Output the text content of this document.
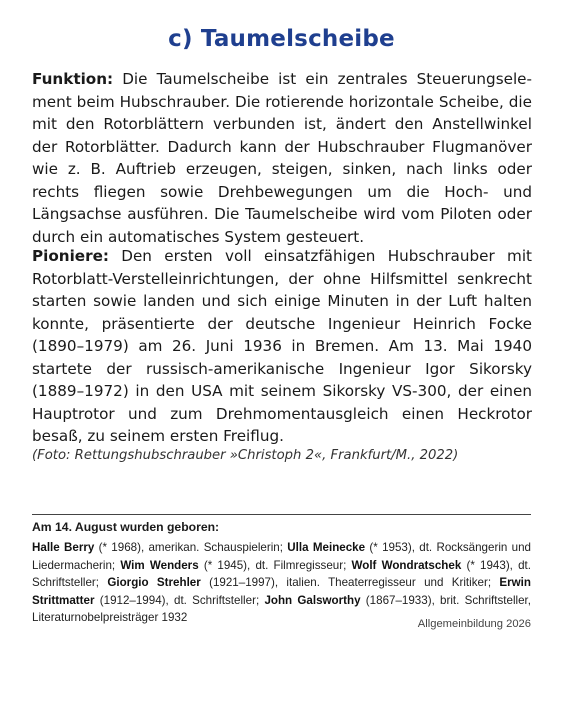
c) Taumelscheibe

Funktion: Die Taumelscheibe ist ein zentrales Steuerungselement beim Hubschrauber. Die rotierende horizontale Scheibe, die mit den Rotorblättern verbunden ist, ändert den Anstellwinkel der Rotorblätter. Dadurch kann der Hubschrauber Flugmanöver wie z. B. Auftrieb erzeugen, steigen, sinken, nach links oder rechts fliegen sowie Drehbewegungen um die Hoch- und Längsachse ausführen. Die Taumelscheibe wird vom Piloten oder durch ein automatisches System gesteuert.

Pioniere: Den ersten voll einsatzfähigen Hubschrauber mit Rotorblatt-Verstelleinrichtungen, der ohne Hilfsmittel senkrecht starten sowie landen und sich einige Minuten in der Luft halten konnte, präsentierte der deutsche Ingenieur Heinrich Focke (1890–1979) am 26. Juni 1936 in Bremen. Am 13. Mai 1940 startete der russisch-amerikanische Ingenieur Igor Sikorsky (1889–1972) in den USA mit seinem Sikorsky VS-300, der einen Hauptrotor und zum Drehmomentausgleich einen Heckrotor besaß, zu seinem ersten Freiflug.

(Foto: Rettungshubschrauber »Christoph 2«, Frankfurt/M., 2022)

Am 14. August wurden geboren:

Halle Berry (* 1968), amerikan. Schauspielerin; Ulla Meinecke (* 1953), dt. Rocksängerin und Liedermacherin; Wim Wenders (* 1945), dt. Filmregisseur; Wolf Wondratschek (* 1943), dt. Schriftsteller; Giorgio Strehler (1921–1997), italien. Theaterregisseur und Kritiker; Erwin Strittmatter (1912–1994), dt. Schriftsteller; John Galsworthy (1867–1933), brit. Schriftsteller, Literaturnobelpreisträger 1932	Allgemeinbildung 2026
